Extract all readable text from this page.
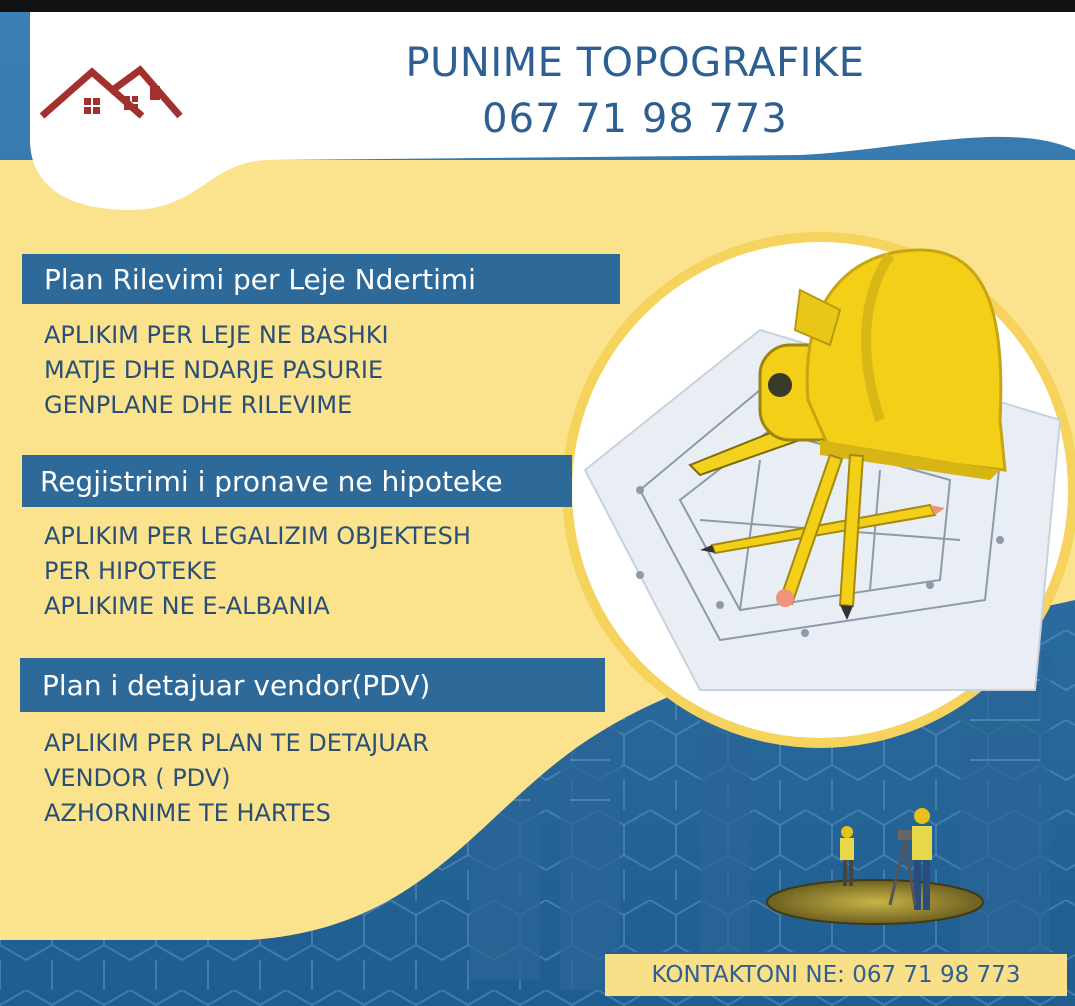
PUNIME TOPOGRAFIKE
067 71 98 773
Plan Rilevimi per Leje Ndertimi
APLIKIM PER LEJE NE BASHKI
MATJE DHE NDARJE PASURIE
GENPLANE DHE RILEVIME
Regjistrimi i pronave ne hipoteke
APLIKIM PER LEGALIZIM OBJEKTESH
PER HIPOTEKE
APLIKIME NE E-ALBANIA
Plan i detajuar vendor(PDV)
APLIKIM PER PLAN TE DETAJUAR
VENDOR ( PDV)
AZHORNIME TE HARTES
KONTAKTONI NE: 067 71 98 773
